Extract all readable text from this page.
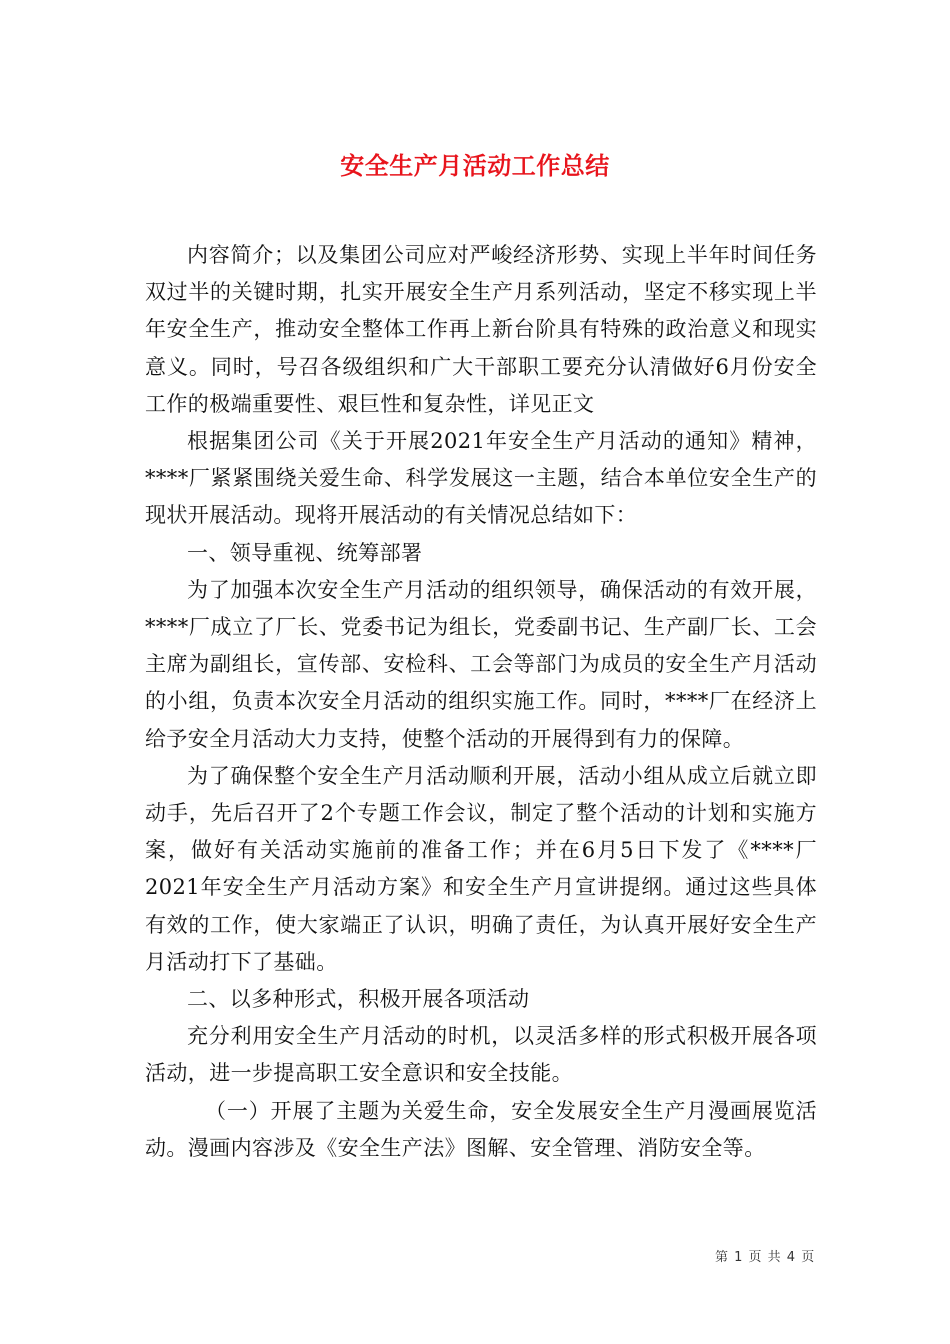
安全生产月活动工作总结

内容简介；以及集团公司应对严峻经济形势、实现上半年时间任务双过半的关键时期，扎实开展安全生产月系列活动，坚定不移实现上半年安全生产，推动安全整体工作再上新台阶具有特殊的政治意义和现实意义。同时，号召各级组织和广大干部职工要充分认清做好6月份安全工作的极端重要性、艰巨性和复杂性，详见正文

根据集团公司《关于开展2021年安全生产月活动的通知》精神，****厂紧紧围绕关爱生命、科学发展这一主题，结合本单位安全生产的现状开展活动。现将开展活动的有关情况总结如下：

一、领导重视、统筹部署

为了加强本次安全生产月活动的组织领导，确保活动的有效开展，****厂成立了厂长、党委书记为组长，党委副书记、生产副厂长、工会主席为副组长，宣传部、安检科、工会等部门为成员的安全生产月活动的小组，负责本次安全月活动的组织实施工作。同时，****厂在经济上给予安全月活动大力支持，使整个活动的开展得到有力的保障。

为了确保整个安全生产月活动顺利开展，活动小组从成立后就立即动手，先后召开了2个专题工作会议，制定了整个活动的计划和实施方案，做好有关活动实施前的准备工作；并在6月5日下发了《****厂2021年安全生产月活动方案》和安全生产月宣讲提纲。通过这些具体有效的工作，使大家端正了认识，明确了责任，为认真开展好安全生产月活动打下了基础。

二、以多种形式，积极开展各项活动

充分利用安全生产月活动的时机，以灵活多样的形式积极开展各项活动，进一步提高职工安全意识和安全技能。

（一）开展了主题为关爱生命，安全发展安全生产月漫画展览活动。漫画内容涉及《安全生产法》图解、安全管理、消防安全等。

第 1 页 共 4 页
